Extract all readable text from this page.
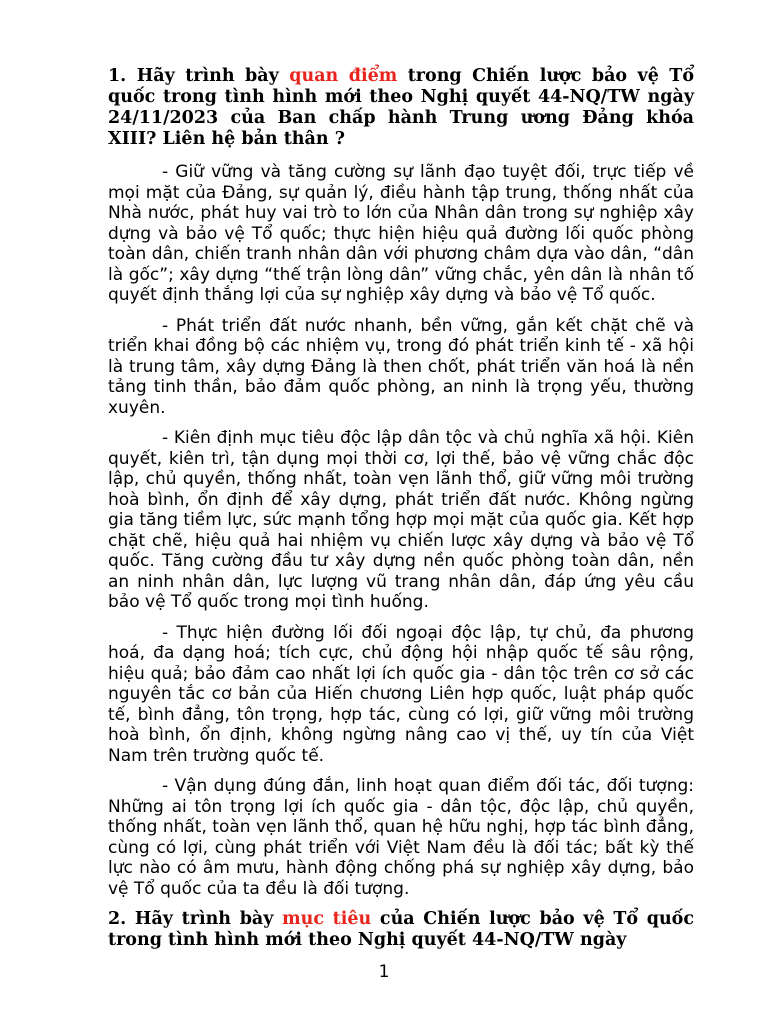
1. Hãy trình bày quan điểm trong Chiến lược bảo vệ Tổ quốc trong tình hình mới theo Nghị quyết 44-NQ/TW ngày 24/11/2023 của Ban chấp hành Trung ương Đảng khóa XIII? Liên hệ bản thân ?

- Giữ vững và tăng cường sự lãnh đạo tuyệt đối, trực tiếp về mọi mặt của Đảng, sự quản lý, điều hành tập trung, thống nhất của Nhà nước, phát huy vai trò to lớn của Nhân dân trong sự nghiệp xây dựng và bảo vệ Tổ quốc; thực hiện hiệu quả đường lối quốc phòng toàn dân, chiến tranh nhân dân với phương châm dựa vào dân, “dân là gốc”; xây dựng “thế trận lòng dân” vững chắc, yên dân là nhân tố quyết định thắng lợi của sự nghiệp xây dựng và bảo vệ Tổ quốc.

- Phát triển đất nước nhanh, bền vững, gắn kết chặt chẽ và triển khai đồng bộ các nhiệm vụ, trong đó phát triển kinh tế - xã hội là trung tâm, xây dựng Đảng là then chốt, phát triển văn hoá là nền tảng tinh thần, bảo đảm quốc phòng, an ninh là trọng yếu, thường xuyên.

- Kiên định mục tiêu độc lập dân tộc và chủ nghĩa xã hội. Kiên quyết, kiên trì, tận dụng mọi thời cơ, lợi thế, bảo vệ vững chắc độc lập, chủ quyền, thống nhất, toàn vẹn lãnh thổ, giữ vững môi trường hoà bình, ổn định để xây dựng, phát triển đất nước. Không ngừng gia tăng tiềm lực, sức mạnh tổng hợp mọi mặt của quốc gia. Kết hợp chặt chẽ, hiệu quả hai nhiệm vụ chiến lược xây dựng và bảo vệ Tổ quốc. Tăng cường đầu tư xây dựng nền quốc phòng toàn dân, nền an ninh nhân dân, lực lượng vũ trang nhân dân, đáp ứng yêu cầu bảo vệ Tổ quốc trong mọi tình huống.

- Thực hiện đường lối đối ngoại độc lập, tự chủ, đa phương hoá, đa dạng hoá; tích cực, chủ động hội nhập quốc tế sâu rộng, hiệu quả; bảo đảm cao nhất lợi ích quốc gia - dân tộc trên cơ sở các nguyên tắc cơ bản của Hiến chương Liên hợp quốc, luật pháp quốc tế, bình đẳng, tôn trọng, hợp tác, cùng có lợi, giữ vững môi trường hoà bình, ổn định, không ngừng nâng cao vị thế, uy tín của Việt Nam trên trường quốc tế.

- Vận dụng đúng đắn, linh hoạt quan điểm đối tác, đối tượng: Những ai tôn trọng lợi ích quốc gia - dân tộc, độc lập, chủ quyền, thống nhất, toàn vẹn lãnh thổ, quan hệ hữu nghị, hợp tác bình đẳng, cùng có lợi, cùng phát triển với Việt Nam đều là đối tác; bất kỳ thế lực nào có âm mưu, hành động chống phá sự nghiệp xây dựng, bảo vệ Tổ quốc của ta đều là đối tượng.

2. Hãy trình bày mục tiêu của Chiến lược bảo vệ Tổ quốc trong tình hình mới theo Nghị quyết 44-NQ/TW ngày
1
